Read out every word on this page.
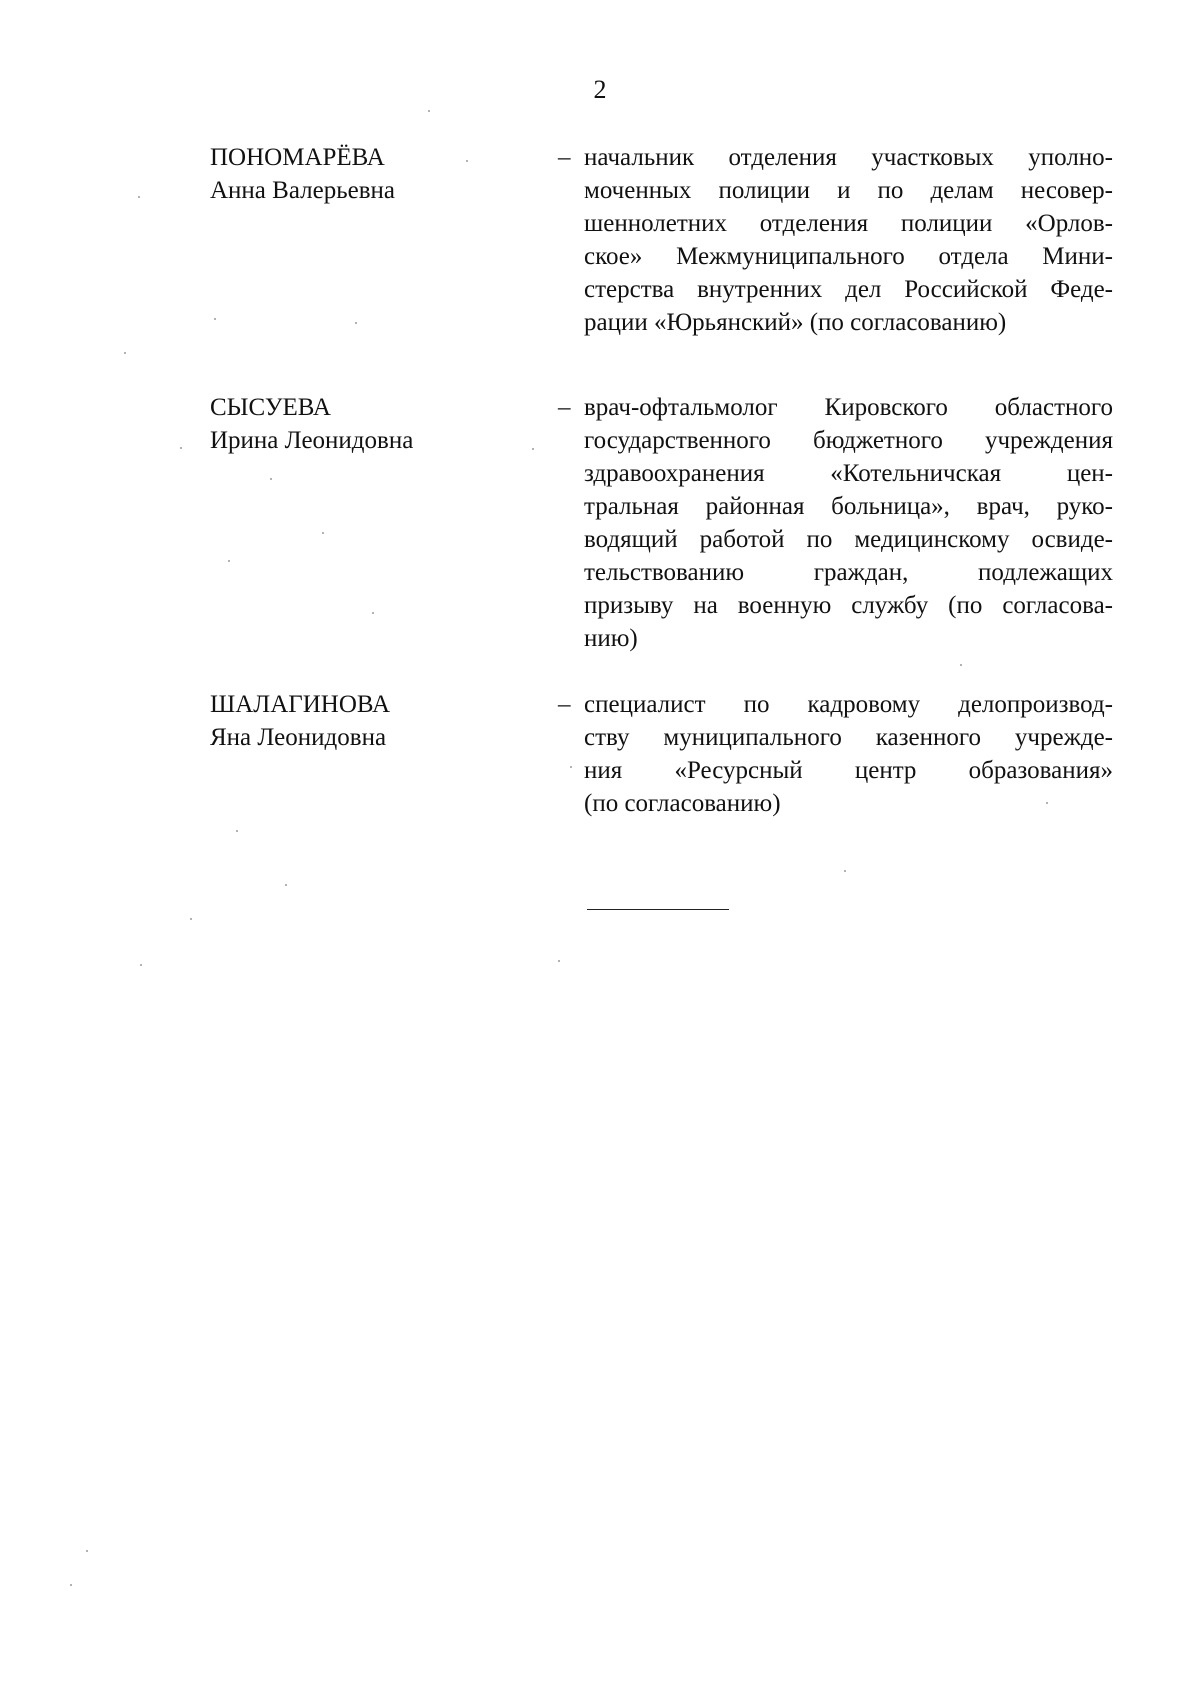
2
ПОНОМАРЁВА
Анна Валерьевна
– начальник отделения участковых уполно-
моченных полиции и по делам несовер-
шеннолетних отделения полиции «Орлов-
ское» Межмуниципального отдела Мини-
стерства внутренних дел Российской Феде-
рации «Юрьянский» (по согласованию)
СЫСУЕВА
Ирина Леонидовна
– врач-офтальмолог Кировского областного
государственного бюджетного учреждения
здравоохранения «Котельничская цен-
тральная районная больница», врач, руко-
водящий работой по медицинскому освиде-
тельствованию граждан, подлежащих
призыву на военную службу (по согласова-
нию)
ШАЛАГИНОВА
Яна Леонидовна
– специалист по кадровому делопроизвод-
ству муниципального казенного учрежде-
ния «Ресурсный центр образования»
(по согласованию)
